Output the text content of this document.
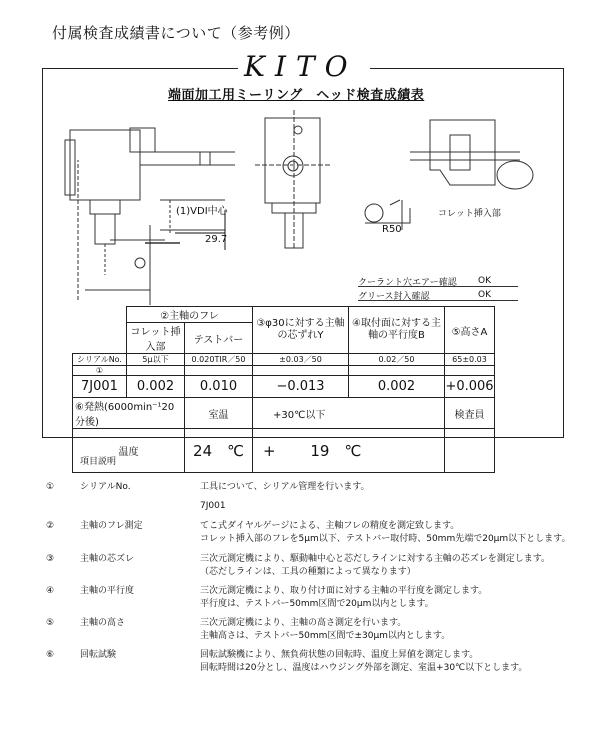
付属検査成績書について（参考例）
KITO
端面加工用ミーリング　ヘッド検査成績表
(1)VDI中心
29.7
R50
コレット挿入部
クーラント穴エアー確認 OK
グリース封入確認	OK
	②主軸のフレ		③φ30に対する主軸の芯ずれY	④取付面に対する主軸の平行度B	⑤高さA
	コレット挿入部	テストバー			
シリアルNo.	5μ以下	0.020TIR／50	±0.03／50	0.02／50	65±0.03
①					
7J001	0.002	0.010	−0.013	0.002	+0.006
⑥発熱(6000min⁻¹20分後)		室温	+30℃以下		検査員
温度		24　℃	+ 19　℃		
項目説明
①	シリアルNo.	工具について、シリアル管理を行います。
7J001
②	主軸のフレ測定	てこ式ダイヤルゲージによる、主軸フレの精度を測定致します。
コレット挿入部のフレを5μm以下、テストバー取付時、50mm先端で20μm以下とします。
③	主軸の芯ズレ	三次元測定機により、駆動軸中心と芯だしラインに対する主軸の芯ズレを測定します。
（芯だしラインは、工具の種類によって異なります）
④	主軸の平行度	三次元測定機により、取り付け面に対する主軸の平行度を測定します。
平行度は、テストバー50mm区間で20μm以内とします。
⑤	主軸の高さ	三次元測定機により、主軸の高さ測定を行います。
主軸高さは、テストバー50mm区間で±30μm以内とします。
⑥	回転試験	回転試験機により、無負荷状態の回転時、温度上昇値を測定します。
回転時間は20分とし、温度はハウジング外部を測定、室温+30℃以下とします。
